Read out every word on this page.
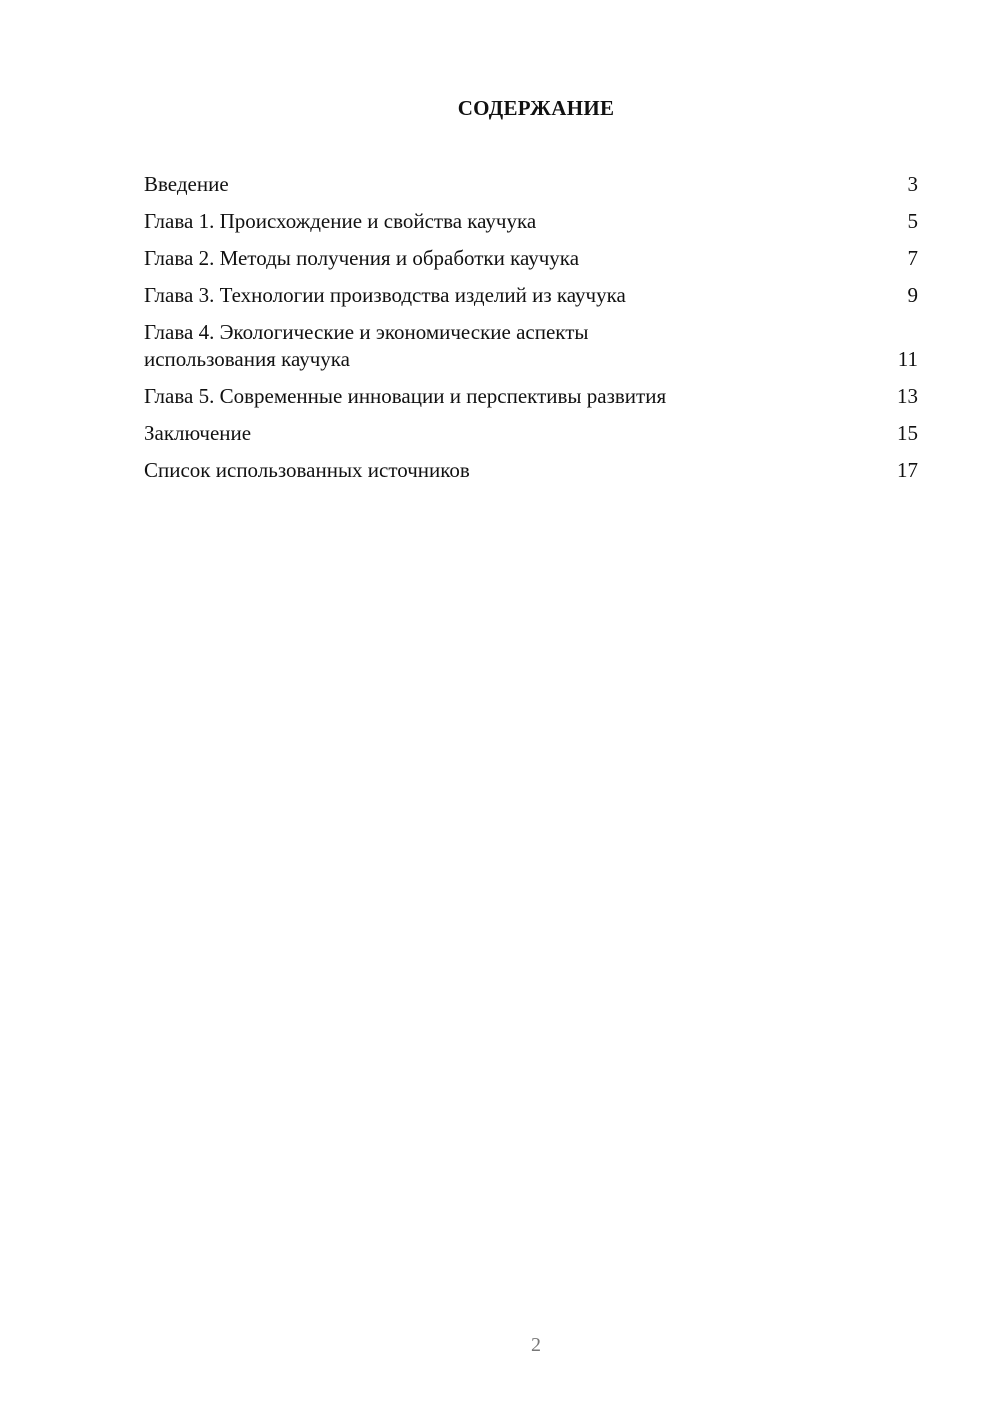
СОДЕРЖАНИЕ
Введение	3
Глава 1. Происхождение и свойства каучука	5
Глава 2. Методы получения и обработки каучука	7
Глава 3. Технологии производства изделий из каучука	9
Глава 4. Экологические и экономические аспекты
использования каучука	11
Глава 5. Современные инновации и перспективы развития	13
Заключение	15
Список использованных источников	17
2
